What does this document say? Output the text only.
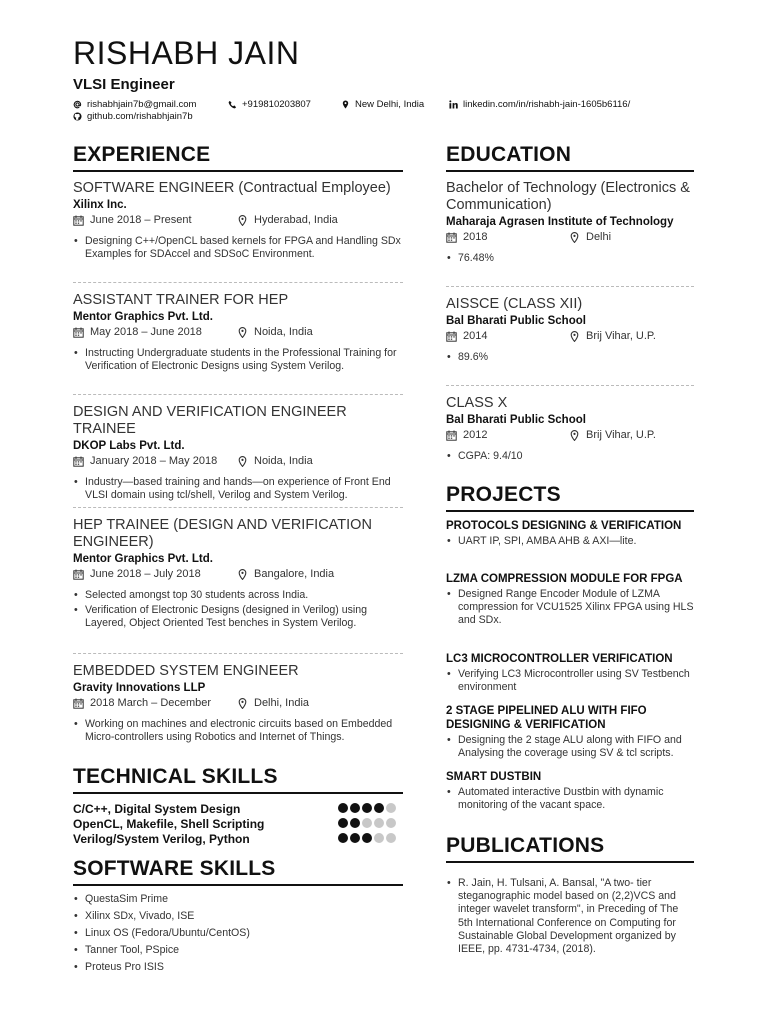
RISHABH JAIN
VLSI Engineer
rishabhjain7b@gmail.com	+919810203807	New Delhi, India	linkedin.com/in/rishabh-jain-1605b6116/
github.com/rishabhjain7b
EXPERIENCE
SOFTWARE ENGINEER (Contractual Employee)
Xilinx Inc.
June 2018 – Present	Hyderabad, India
• Designing C++/OpenCL based kernels for FPGA and Handling SDx Examples for SDAccel and SDSoC Environment.
ASSISTANT TRAINER FOR HEP
Mentor Graphics Pvt. Ltd.
May 2018 – June 2018	Noida, India
• Instructing Undergraduate students in the Professional Training for Verification of Electronic Designs using System Verilog.
DESIGN AND VERIFICATION ENGINEER TRAINEE
DKOP Labs Pvt. Ltd.
January 2018 – May 2018	Noida, India
• Industry—based training and hands—on experience of Front End VLSI domain using tcl/shell, Verilog and System Verilog.
HEP TRAINEE (DESIGN AND VERIFICATION ENGINEER)
Mentor Graphics Pvt. Ltd.
June 2018 – July 2018	Bangalore, India
• Selected amongst top 30 students across India.
• Verification of Electronic Designs (designed in Verilog) using Layered, Object Oriented Test benches in System Verilog.
EMBEDDED SYSTEM ENGINEER
Gravity Innovations LLP
2018 March – December	Delhi, India
• Working on machines and electronic circuits based on Embedded Micro-controllers using Robotics and Internet of Things.
TECHNICAL SKILLS
C/C++, Digital System Design
OpenCL, Makefile, Shell Scripting
Verilog/System Verilog, Python
SOFTWARE SKILLS
• QuestaSim Prime
• Xilinx SDx, Vivado, ISE
• Linux OS (Fedora/Ubuntu/CentOS)
• Tanner Tool, PSpice
• Proteus Pro ISIS
EDUCATION
Bachelor of Technology (Electronics & Communication)
Maharaja Agrasen Institute of Technology
2018	Delhi
• 76.48%
AISSCE (CLASS XII)
Bal Bharati Public School
2014	Brij Vihar, U.P.
• 89.6%
CLASS X
Bal Bharati Public School
2012	Brij Vihar, U.P.
• CGPA: 9.4/10
PROJECTS
PROTOCOLS DESIGNING & VERIFICATION
• UART IP, SPI, AMBA AHB & AXI—lite.
LZMA COMPRESSION MODULE FOR FPGA
• Designed Range Encoder Module of LZMA compression for VCU1525 Xilinx FPGA using HLS and SDx.
LC3 MICROCONTROLLER VERIFICATION
• Verifying LC3 Microcontroller using SV Testbench environment
2 STAGE PIPELINED ALU WITH FIFO DESIGNING & VERIFICATION
• Designing the 2 stage ALU along with FIFO and Analysing the coverage using SV & tcl scripts.
SMART DUSTBIN
• Automated interactive Dustbin with dynamic monitoring of the vacant space.
PUBLICATIONS
• R. Jain, H. Tulsani, A. Bansal, "A two- tier steganographic model based on (2,2)VCS and integer wavelet transform", in Preceding of The 5th International Conference on Computing for Sustainable Global Development organized by IEEE, pp. 4731-4734, (2018).
